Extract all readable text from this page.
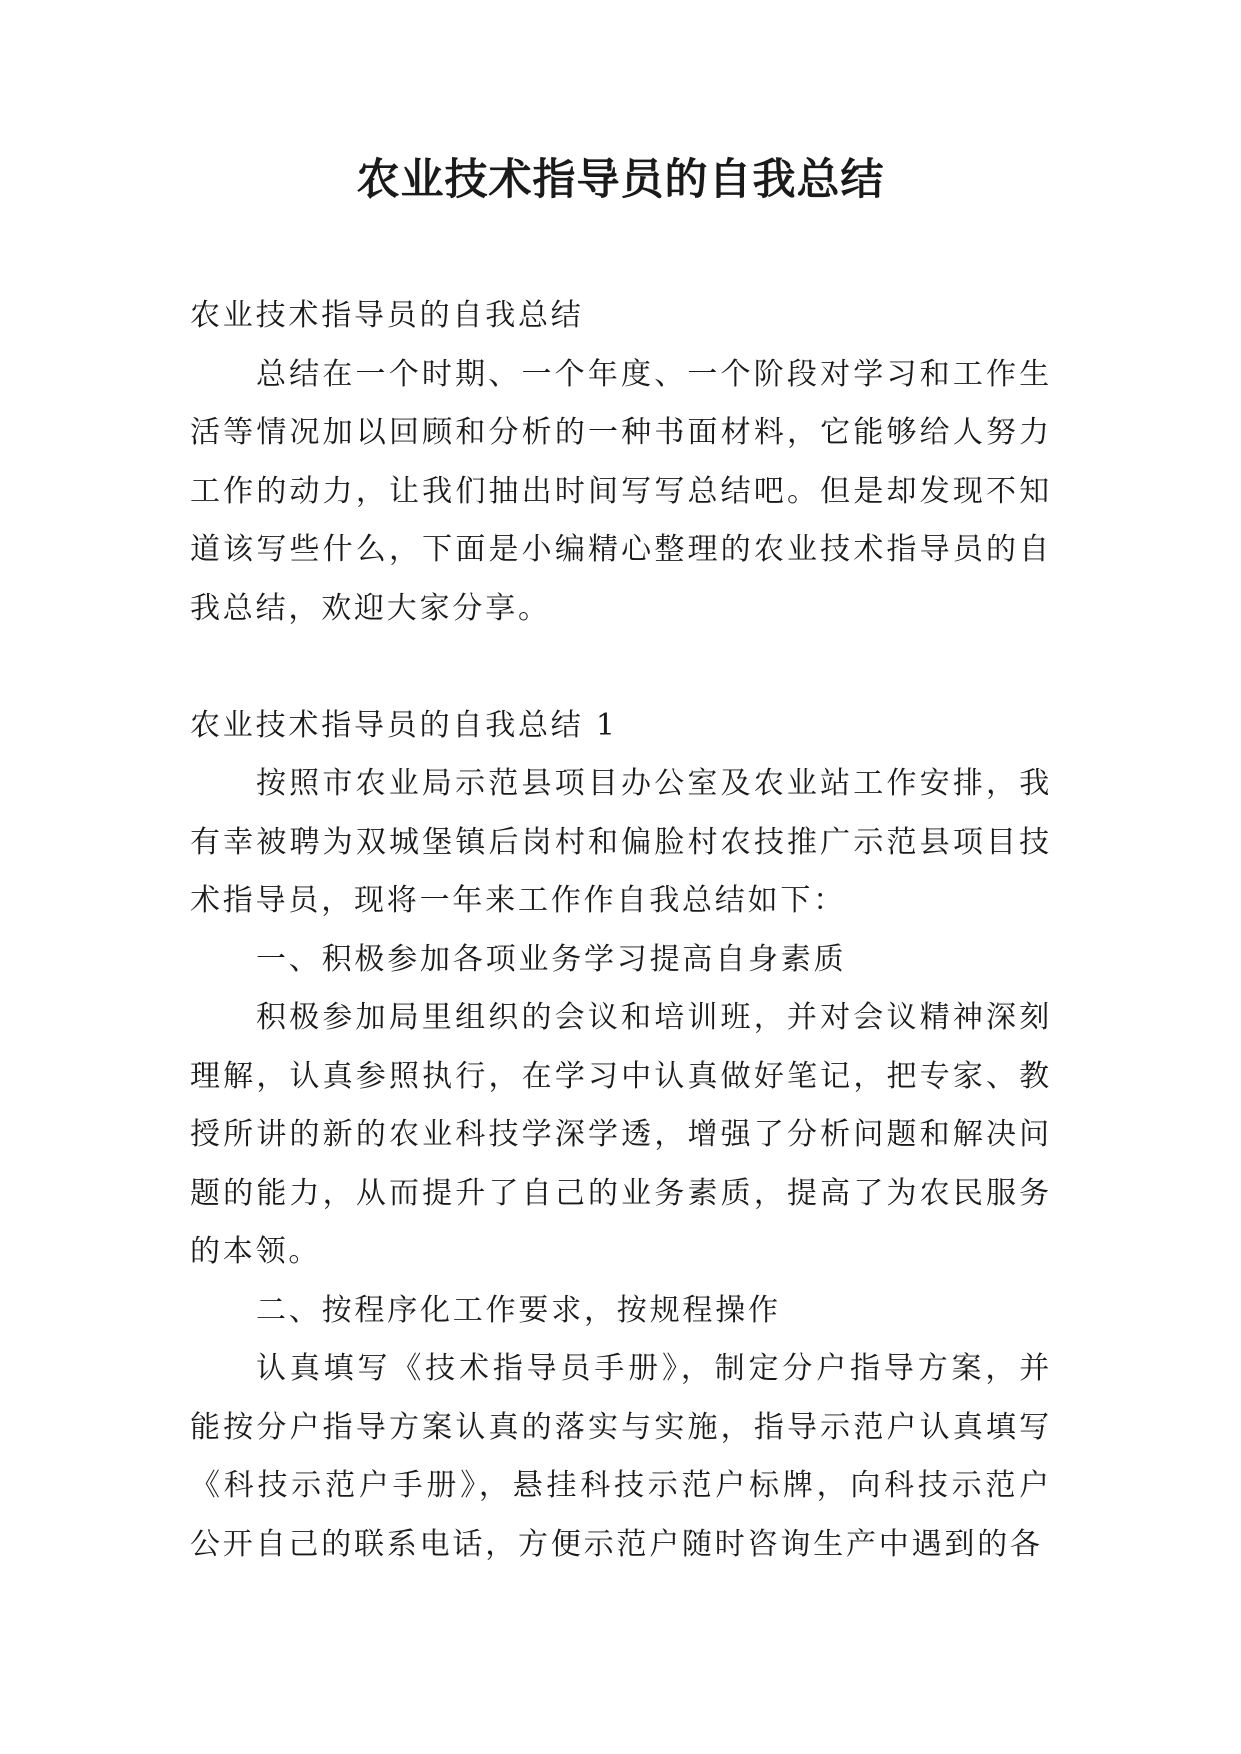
农业技术指导员的自我总结

农业技术指导员的自我总结

总结在一个时期、一个年度、一个阶段对学习和工作生活等情况加以回顾和分析的一种书面材料，它能够给人努力工作的动力，让我们抽出时间写写总结吧。但是却发现不知道该写些什么，下面是小编精心整理的农业技术指导员的自我总结，欢迎大家分享。

农业技术指导员的自我总结 1

按照市农业局示范县项目办公室及农业站工作安排，我有幸被聘为双城堡镇后岗村和偏脸村农技推广示范县项目技术指导员，现将一年来工作作自我总结如下：

一、积极参加各项业务学习提高自身素质

积极参加局里组织的会议和培训班，并对会议精神深刻理解，认真参照执行，在学习中认真做好笔记，把专家、教授所讲的新的农业科技学深学透，增强了分析问题和解决问题的能力，从而提升了自己的业务素质，提高了为农民服务的本领。

二、按程序化工作要求，按规程操作

认真填写《技术指导员手册》，制定分户指导方案，并能按分户指导方案认真的落实与实施，指导示范户认真填写《科技示范户手册》，悬挂科技示范户标牌，向科技示范户公开自己的联系电话，方便示范户随时咨询生产中遇到的各
